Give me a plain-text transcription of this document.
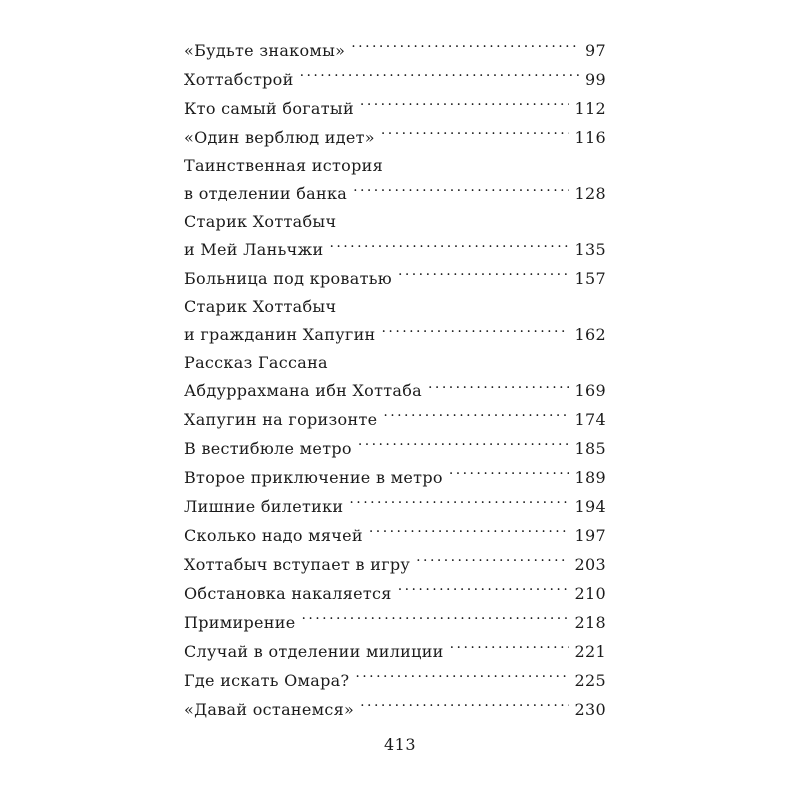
«Будьте знакомы» . . .	97
Хоттабстрой . . .	99
Кто самый богатый . . .	112
«Один верблюд идет» . . .	116
Таинственная история
в отделении банка . . .	128
Старик Хоттабыч
и Мей Ланьчжи . . .	135
Больница под кроватью . . .	157
Старик Хоттабыч
и гражданин Хапугин . . .	162
Рассказ Гассана
Абдуррахмана ибн Хоттаба . . .	169
Хапугин на горизонте . . .	174
В вестибюле метро . . .	185
Второе приключение в метро . . .	189
Лишние билетики . . .	194
Сколько надо мячей . . .	197
Хоттабыч вступает в игру . . .	203
Обстановка накаляется . . .	210
Примирение . . .	218
Случай в отделении милиции . . .	221
Где искать Омара? . . .	225
«Давай останемся» . . .	230
413
